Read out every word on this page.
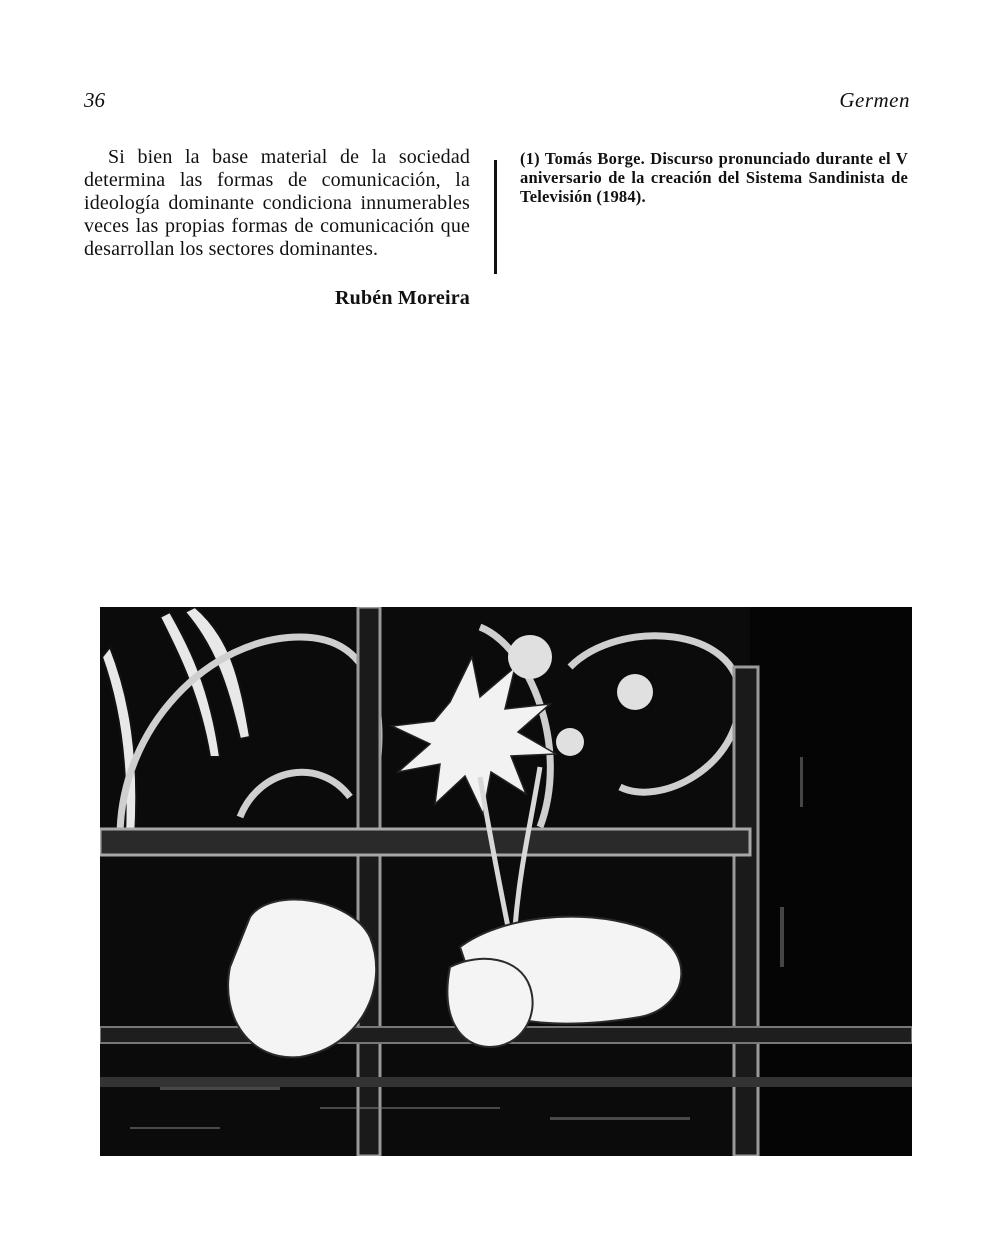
36	Germen
Si bien la base material de la sociedad determina las formas de comunicación, la ideología dominante condiciona innumerables veces las propias formas de comunicación que desarrollan los sectores dominantes.
Rubén Moreira
(1) Tomás Borge. Discurso pronunciado durante el V aniversario de la creación del Sistema Sandinista de Televisión (1984).
